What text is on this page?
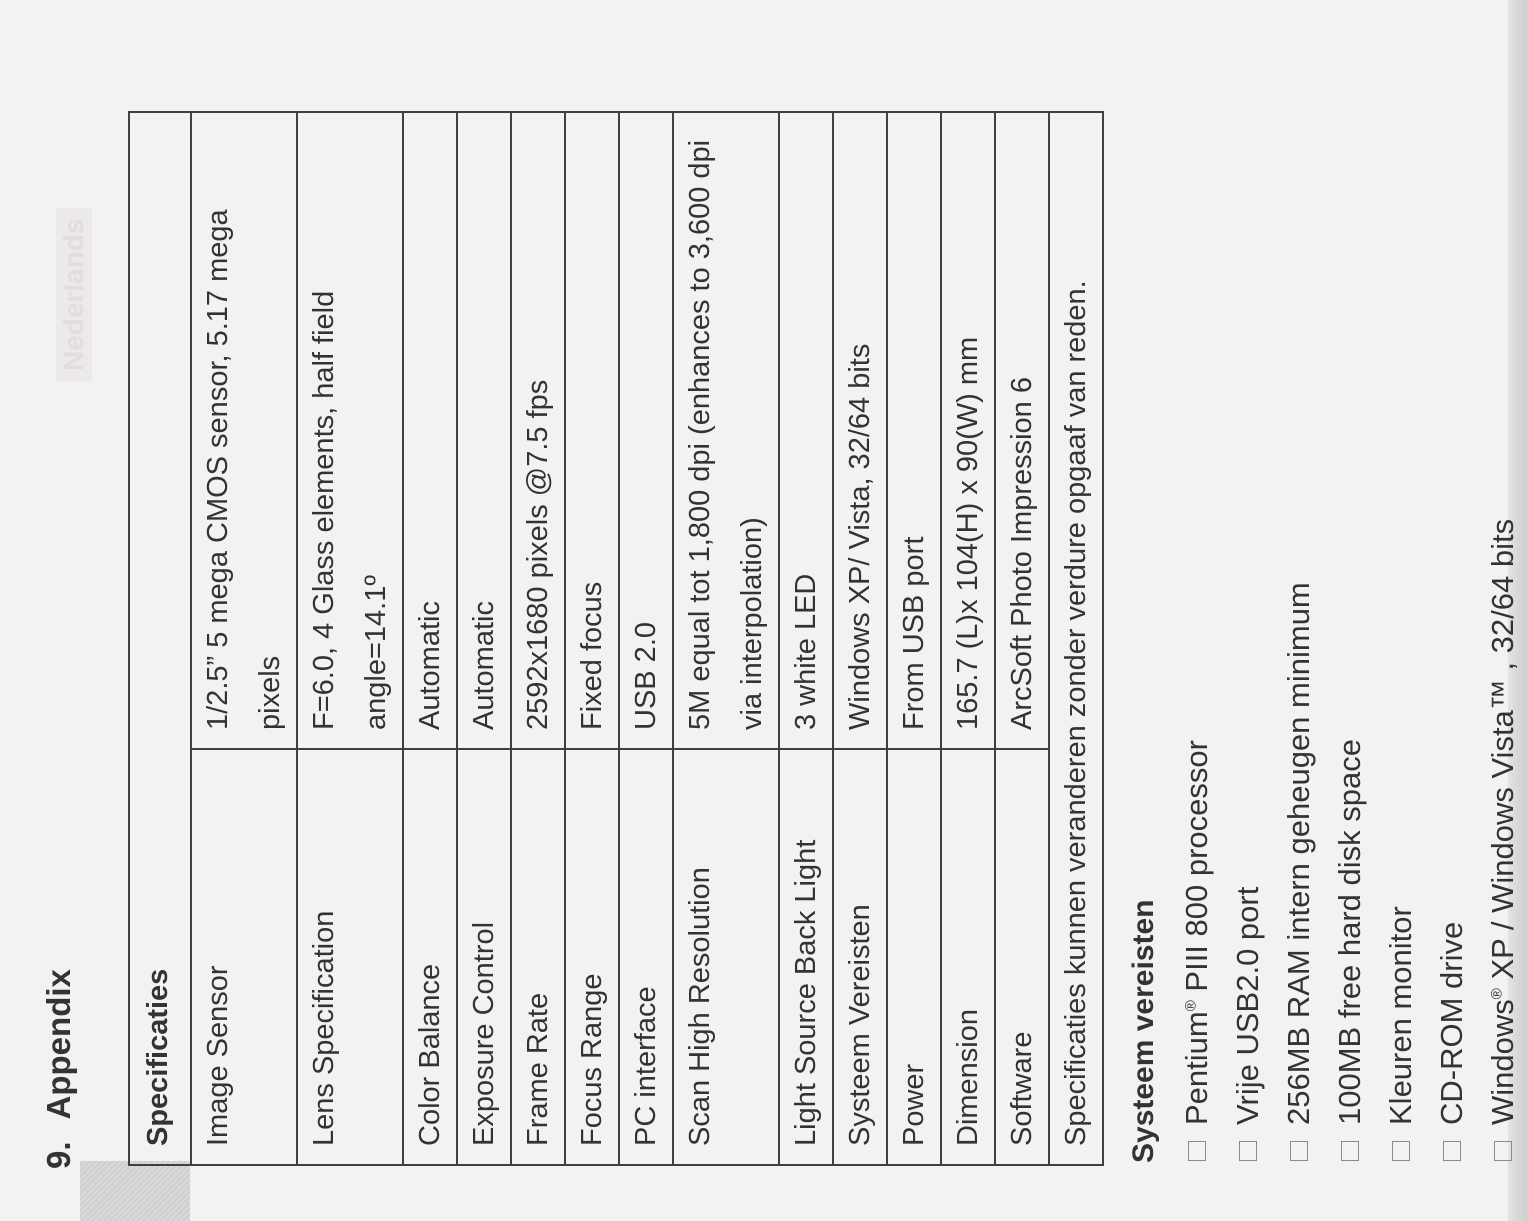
9.
Appendix
Nederlands
Specificaties	
Image Sensor	1/2.5” 5 mega CMOS sensor, 5.17 mega pixels
Lens Specification	F=6.0, 4 Glass elements, half field angle=14.1º
Color Balance	Automatic
Exposure Control	Automatic
Frame Rate	2592x1680 pixels @7.5 fps
Focus Range	Fixed focus
PC interface	USB 2.0
Scan High Resolution	5M equal tot 1,800 dpi (enhances to 3,600 dpi via interpolation)
Light Source Back Light	3 white LED
Systeem Vereisten	Windows XP/ Vista, 32/64 bits
Power	From USB port
Dimension	165.7 (L)x 104(H) x 90(W) mm
Software	ArcSoft Photo Impression 6
Specificaties kunnen veranderen zonder verdure opgaaf van reden.	Systeem vereisten Pentium® PIII 800 processor
Vrije USB2.0 port 256MB RAM intern geheugen minimum 100MB free hard disk space Kleuren monitor CD-ROM drive Windows® XP / Windows Vista™ , 32/64 bits
